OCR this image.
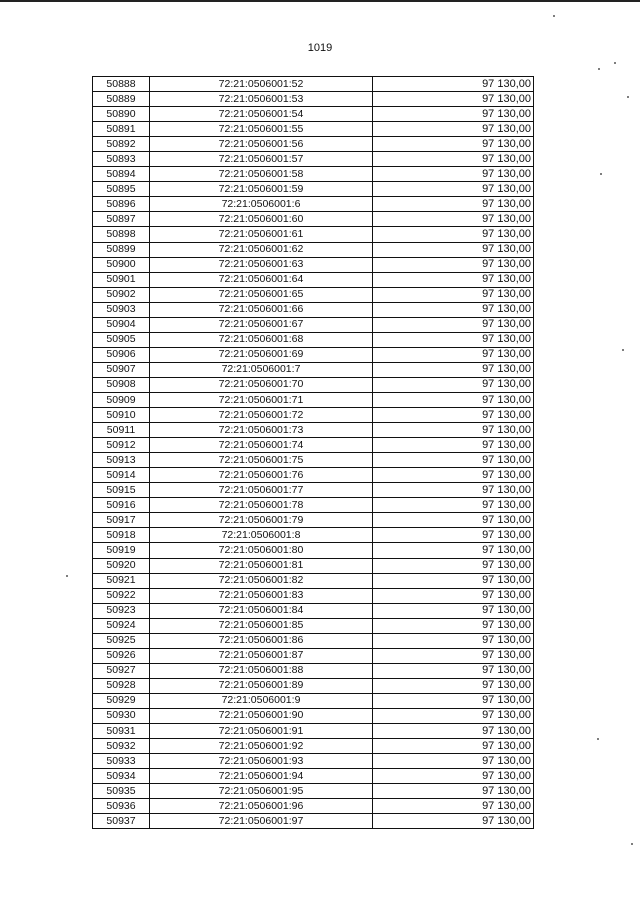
1019
50888	72:21:0506001:52	97 130,00
50889	72:21:0506001:53	97 130,00
50890	72:21:0506001:54	97 130,00
50891	72:21:0506001:55	97 130,00
50892	72:21:0506001:56	97 130,00
50893	72:21:0506001:57	97 130,00
50894	72:21:0506001:58	97 130,00
50895	72:21:0506001:59	97 130,00
50896	72:21:0506001:6	97 130,00
50897	72:21:0506001:60	97 130,00
50898	72:21:0506001:61	97 130,00
50899	72:21:0506001:62	97 130,00
50900	72:21:0506001:63	97 130,00
50901	72:21:0506001:64	97 130,00
50902	72:21:0506001:65	97 130,00
50903	72:21:0506001:66	97 130,00
50904	72:21:0506001:67	97 130,00
50905	72:21:0506001:68	97 130,00
50906	72:21:0506001:69	97 130,00
50907	72:21:0506001:7	97 130,00
50908	72:21:0506001:70	97 130,00
50909	72:21:0506001:71	97 130,00
50910	72:21:0506001:72	97 130,00
50911	72:21:0506001:73	97 130,00
50912	72:21:0506001:74	97 130,00
50913	72:21:0506001:75	97 130,00
50914	72:21:0506001:76	97 130,00
50915	72:21:0506001:77	97 130,00
50916	72:21:0506001:78	97 130,00
50917	72:21:0506001:79	97 130,00
50918	72:21:0506001:8	97 130,00
50919	72:21:0506001:80	97 130,00
50920	72:21:0506001:81	97 130,00
50921	72:21:0506001:82	97 130,00
50922	72:21:0506001:83	97 130,00
50923	72:21:0506001:84	97 130,00
50924	72:21:0506001:85	97 130,00
50925	72:21:0506001:86	97 130,00
50926	72:21:0506001:87	97 130,00
50927	72:21:0506001:88	97 130,00
50928	72:21:0506001:89	97 130,00
50929	72:21:0506001:9	97 130,00
50930	72:21:0506001:90	97 130,00
50931	72:21:0506001:91	97 130,00
50932	72:21:0506001:92	97 130,00
50933	72:21:0506001:93	97 130,00
50934	72:21:0506001:94	97 130,00
50935	72:21:0506001:95	97 130,00
50936	72:21:0506001:96	97 130,00
50937	72:21:0506001:97	97 130,00
